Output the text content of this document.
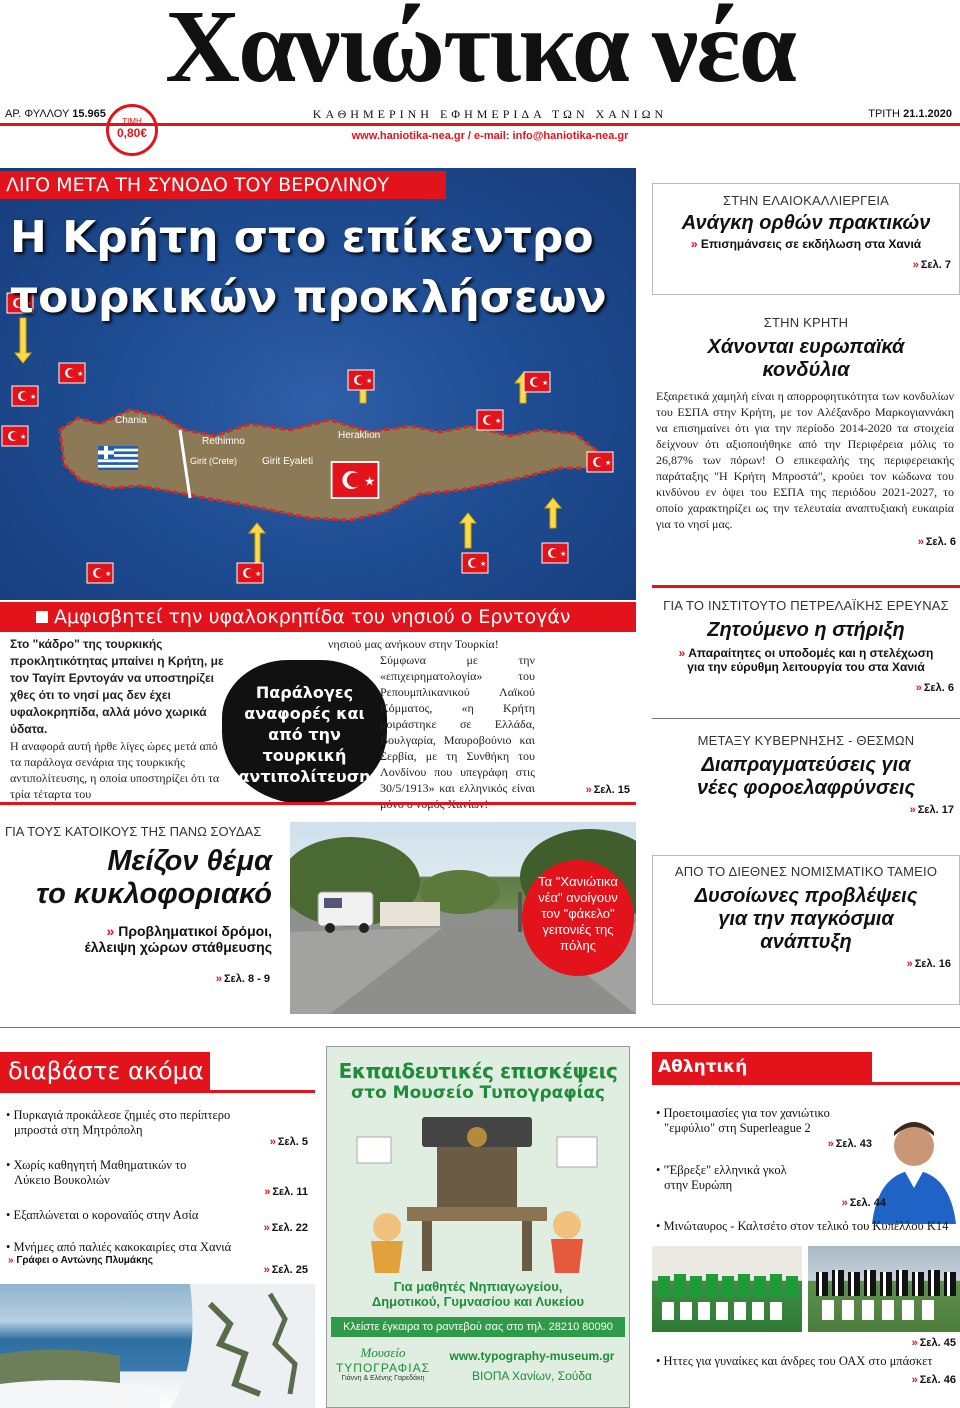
Χανιώτικα νέα
ΑΡ. ΦΥΛΛΟΥ 15.965
ΤΙΜΗ
0,80€
ΚΑΘΗΜΕΡΙΝΗ ΕΦΗΜΕΡΙΔΑ ΤΩΝ ΧΑΝΙΩΝ	ΤΡΙΤΗ 21.1.2020
www.haniotika-nea.gr / e-mail: info@haniotika-nea.gr
Chania
Rethimno
Girit (Crete)	Girit Eyaleti
Heraklion
ΛΙΓΟ ΜΕΤΑ ΤΗ ΣΥΝΟΔΟ ΤΟΥ ΒΕΡΟΛΙΝΟΥ
Η Κρήτη στο επίκεντρο
τουρκικών προκλήσεων
Αμφισβητεί την υφαλοκρηπίδα του νησιού ο Ερντογάν
Στο "κάδρο" της τουρκικής προκλητικότητας μπαίνει η Κρήτη, με τον Ταγίπ Ερντογάν να υποστηρίζει χθες ότι το νησί μας δεν έχει υφαλοκρηπίδα, αλλά μόνο χωρικά ύδατα.
Η αναφορά αυτή ήρθε λίγες ώρες μετά από τα παράλογα σενάρια της τουρκικής αντιπολίτευσης, η οποία υποστηρίζει ότι τα τρία τέταρτα του
Παράλογες αναφορές και από την τουρκική αντιπολίτευση
νησιού μας ανήκουν στην Τουρκία!
Σύμφωνα με την «επιχειρηματολογία» του Ρεπουμπλικανικού Λαϊκού Κόμματος, «η Κρήτη μοιράστηκε σε Ελλάδα, Βουλγαρία, Μαυροβούνιο και Σερβία, με τη Συνθήκη του Λονδίνου που υπεγράφη στις 30/5/1913» και ελληνικός είναι μόνο ο νομός Χανίων!
» Σελ. 15
ΣΤΗΝ ΕΛΑΙΟΚΑΛΛΙΕΡΓΕΙΑ
Ανάγκη ορθών πρακτικών
» Επισημάνσεις σε εκδήλωση στα Χανιά
» Σελ. 7
ΣΤΗΝ ΚΡΗΤΗ
Χάνονται ευρωπαϊκά
κονδύλια
Εξαιρετικά χαμηλή είναι η απορροφητικότητα των κονδυλίων του ΕΣΠΑ στην Κρήτη, με τον Αλέξανδρο Μαρκογιαννάκη να επισημαίνει ότι για την περίοδο 2014-2020 τα στοιχεία δείχνουν ότι αξιοποιήθηκε από την Περιφέρεια μόλις το 26,87% των πόρων! Ο επικεφαλής της περιφερειακής παράταξης "Η Κρήτη Μπροστά", κρούει τον κώδωνα του κινδύνου εν όψει του ΕΣΠΑ της περιόδου 2021-2027, το οποίο χαρακτηρίζει ως την τελευταία αναπτυξιακή ευκαιρία για το νησί μας.
» Σελ. 6
ΓΙΑ ΤΟ ΙΝΣΤΙΤΟΥΤΟ ΠΕΤΡΕΛΑΪΚΗΣ ΕΡΕΥΝΑΣ
Ζητούμενο η στήριξη
» Απαραίτητες οι υποδομές και η στελέχωση
για την εύρυθμη λειτουργία του στα Χανιά
» Σελ. 6
ΜΕΤΑΞΥ ΚΥΒΕΡΝΗΣΗΣ - ΘΕΣΜΩΝ
Διαπραγματεύσεις για
νέες φοροελαφρύνσεις
» Σελ. 17
ΑΠΟ ΤΟ ΔΙΕΘΝΕΣ ΝΟΜΙΣΜΑΤΙΚΟ ΤΑΜΕΙΟ
Δυσοίωνες προβλέψεις
για την παγκόσμια
ανάπτυξη
» Σελ. 16
ΓΙΑ ΤΟΥΣ ΚΑΤΟΙΚΟΥΣ ΤΗΣ ΠΑΝΩ ΣΟΥΔΑΣ
Μείζον θέμα
το κυκλοφοριακό
» Προβληματικοί δρόμοι,
έλλειψη χώρων στάθμευσης
» Σελ. 8 - 9
Τα "Χανιώτικα νέα" ανοίγουν τον "φάκελο" γειτονιές της πόλης
διαβάστε ακόμα
• Πυρκαγιά προκάλεσε ζημιές στο περίπτερο μπροστά στη Μητρόπολη
» Σελ. 5
• Χωρίς καθηγητή Μαθηματικών το Λύκειο Βουκολιών
» Σελ. 11
• Εξαπλώνεται ο κοροναϊός στην Ασία
» Σελ. 22
• Μνήμες από παλιές κακοκαιρίες στα Χανιά
» Γράφει ο Αντώνης Πλυμάκης
» Σελ. 25
Εκπαιδευτικές επισκέψεις
στο Μουσείο Τυπογραφίας
Για μαθητές Νηπιαγωγείου,
Δημοτικού, Γυμνασίου και Λυκείου
Κλείστε έγκαιρα το ραντεβού σας στο τηλ. 28210 80090
Μουσείο
ΤΥΠΟΓΡΑΦΙΑΣ
Γιάννη & Ελένης Γαρεδάκη
www.typography-museum.gr
ΒΙΟΠΑ Χανίων, Σούδα
Αθλητική Επικαιρότητα
• Προετοιμασίες για τον χανιώτικο
"εμφύλιο" στη Superleague 2
» Σελ. 43
• "Έβρεξε" ελληνικά γκολ
στην Ευρώπη
» Σελ. 44
• Μινώταυρος - Καλτσέτο στον τελικό του Κυπέλλου Κ14
» Σελ. 45
• Ηττες για γυναίκες και άνδρες του ΟΑΧ στο μπάσκετ
» Σελ. 46
